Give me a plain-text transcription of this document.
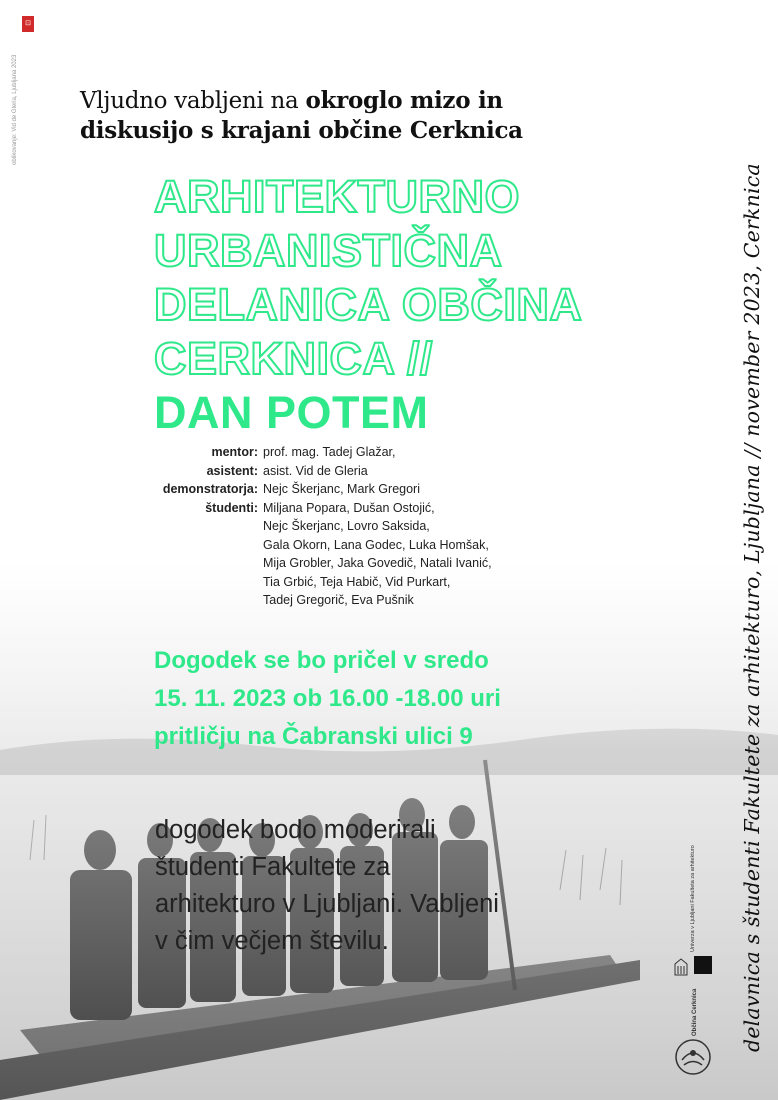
⊡
oblikovanje: Vid de Gleria, Ljubljana 2023	Vljudno vabljeni na okroglo mizo in
diskusijo s krajani občine Cerknica
ARHITEKTURNO
URBANISTIČNA
DELANICA OBČINA
CERKNICA //
DAN POTEM
mentor: prof. mag. Tadej Glažar,
asistent: asist. Vid de Gleria
demonstratorja: Nejc Škerjanc, Mark Gregori
študenti: Miljana Popara, Dušan Ostojić,
Nejc Škerjanc, Lovro Saksida,
Gala Okorn, Lana Godec, Luka Homšak,
Mija Grobler, Jaka Govedič, Natali Ivanić,
Tia Grbić, Teja Habič, Vid Purkart,
Tadej Gregorič, Eva Pušnik
Dogodek se bo pričel v sredo
15. 11. 2023 ob 16.00 -18.00 uri
pritličju na Čabranski ulici 9
dogodek bodo moderirali
študenti Fakultete za
arhitekturo v Ljubljani. Vabljeni
v čim večjem številu.	delavnica s študenti Fakultete za arhitekturo, Ljubljana // november 2023, Cerknica
Univerza v Ljubljani Fakulteta za arhitekturo
Občina Cerknica
